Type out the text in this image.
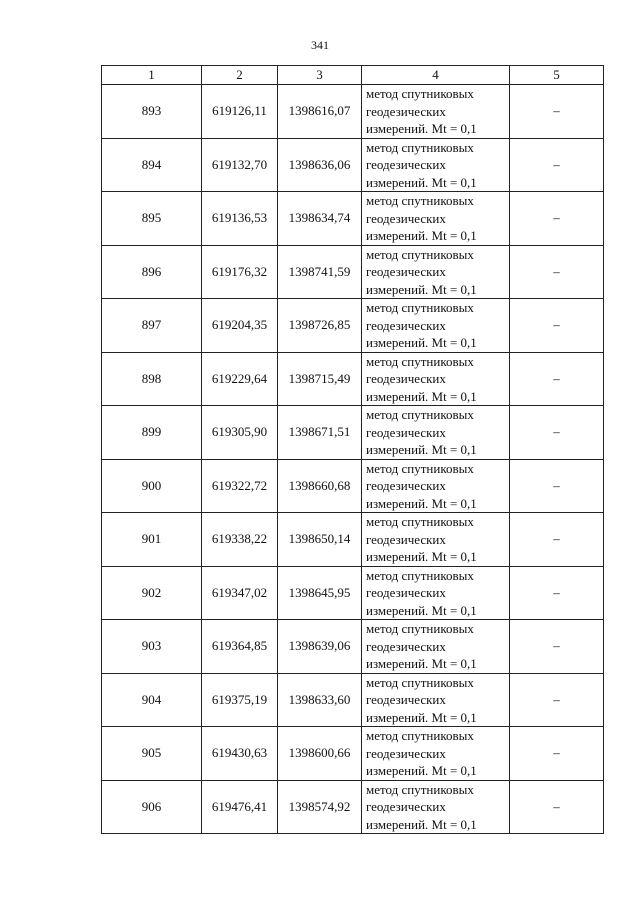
341
1	2	3	4	5
893	619126,11	1398616,07	метод спутниковых
геодезических
измерений. Mt = 0,1	–
894	619132,70	1398636,06	метод спутниковых
геодезических
измерений. Mt = 0,1	–
895	619136,53	1398634,74	метод спутниковых
геодезических
измерений. Mt = 0,1	–
896	619176,32	1398741,59	метод спутниковых
геодезических
измерений. Mt = 0,1	–
897	619204,35	1398726,85	метод спутниковых
геодезических
измерений. Mt = 0,1	–
898	619229,64	1398715,49	метод спутниковых
геодезических
измерений. Mt = 0,1	–
899	619305,90	1398671,51	метод спутниковых
геодезических
измерений. Mt = 0,1	–
900	619322,72	1398660,68	метод спутниковых
геодезических
измерений. Mt = 0,1	–
901	619338,22	1398650,14	метод спутниковых
геодезических
измерений. Mt = 0,1	–
902	619347,02	1398645,95	метод спутниковых
геодезических
измерений. Mt = 0,1	–
903	619364,85	1398639,06	метод спутниковых
геодезических
измерений. Mt = 0,1	–
904	619375,19	1398633,60	метод спутниковых
геодезических
измерений. Mt = 0,1	–
905	619430,63	1398600,66	метод спутниковых
геодезических
измерений. Mt = 0,1	–
906	619476,41	1398574,92	метод спутниковых
геодезических
измерений. Mt = 0,1	–
